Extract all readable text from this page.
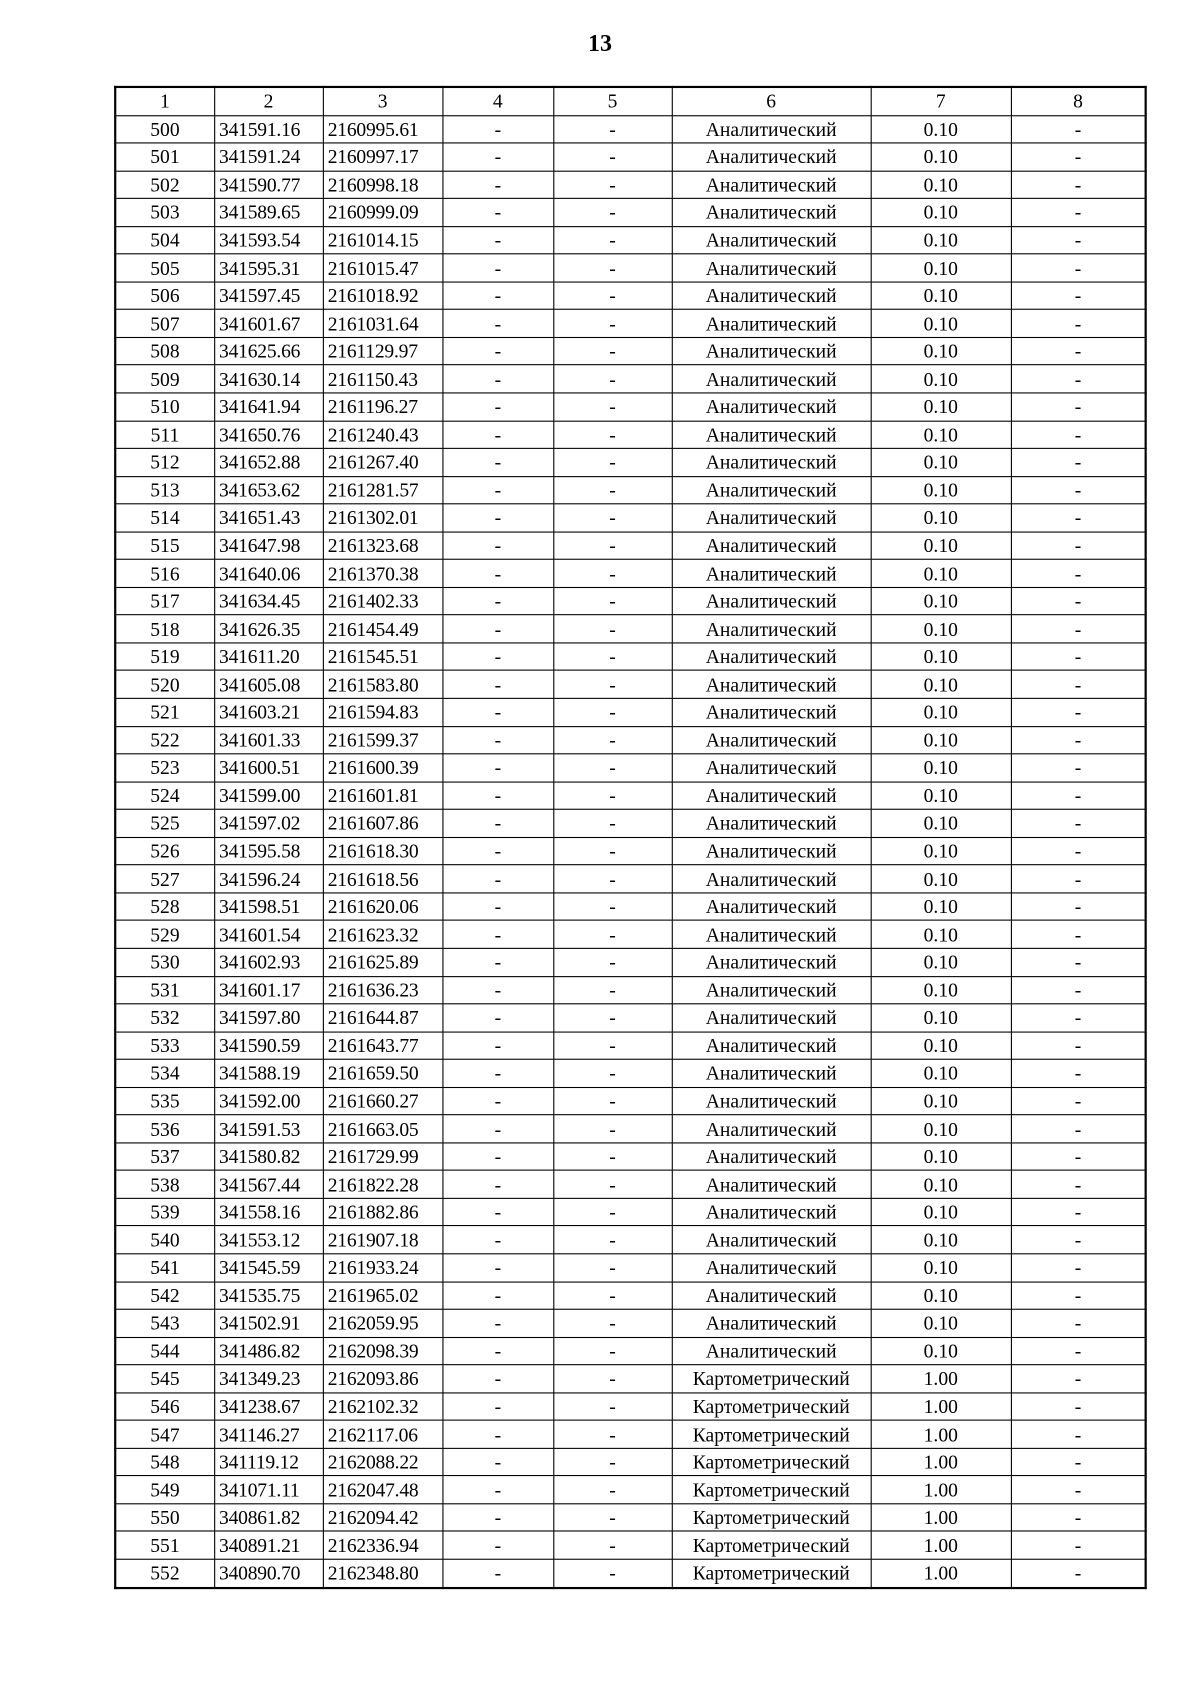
13
1	2	3	4	5	6	7	8
500	341591.16	2160995.61	-	-	Аналитический	0.10	-
501	341591.24	2160997.17	-	-	Аналитический	0.10	-
502	341590.77	2160998.18	-	-	Аналитический	0.10	-
503	341589.65	2160999.09	-	-	Аналитический	0.10	-
504	341593.54	2161014.15	-	-	Аналитический	0.10	-
505	341595.31	2161015.47	-	-	Аналитический	0.10	-
506	341597.45	2161018.92	-	-	Аналитический	0.10	-
507	341601.67	2161031.64	-	-	Аналитический	0.10	-
508	341625.66	2161129.97	-	-	Аналитический	0.10	-
509	341630.14	2161150.43	-	-	Аналитический	0.10	-
510	341641.94	2161196.27	-	-	Аналитический	0.10	-
511	341650.76	2161240.43	-	-	Аналитический	0.10	-
512	341652.88	2161267.40	-	-	Аналитический	0.10	-
513	341653.62	2161281.57	-	-	Аналитический	0.10	-
514	341651.43	2161302.01	-	-	Аналитический	0.10	-
515	341647.98	2161323.68	-	-	Аналитический	0.10	-
516	341640.06	2161370.38	-	-	Аналитический	0.10	-
517	341634.45	2161402.33	-	-	Аналитический	0.10	-
518	341626.35	2161454.49	-	-	Аналитический	0.10	-
519	341611.20	2161545.51	-	-	Аналитический	0.10	-
520	341605.08	2161583.80	-	-	Аналитический	0.10	-
521	341603.21	2161594.83	-	-	Аналитический	0.10	-
522	341601.33	2161599.37	-	-	Аналитический	0.10	-
523	341600.51	2161600.39	-	-	Аналитический	0.10	-
524	341599.00	2161601.81	-	-	Аналитический	0.10	-
525	341597.02	2161607.86	-	-	Аналитический	0.10	-
526	341595.58	2161618.30	-	-	Аналитический	0.10	-
527	341596.24	2161618.56	-	-	Аналитический	0.10	-
528	341598.51	2161620.06	-	-	Аналитический	0.10	-
529	341601.54	2161623.32	-	-	Аналитический	0.10	-
530	341602.93	2161625.89	-	-	Аналитический	0.10	-
531	341601.17	2161636.23	-	-	Аналитический	0.10	-
532	341597.80	2161644.87	-	-	Аналитический	0.10	-
533	341590.59	2161643.77	-	-	Аналитический	0.10	-
534	341588.19	2161659.50	-	-	Аналитический	0.10	-
535	341592.00	2161660.27	-	-	Аналитический	0.10	-
536	341591.53	2161663.05	-	-	Аналитический	0.10	-
537	341580.82	2161729.99	-	-	Аналитический	0.10	-
538	341567.44	2161822.28	-	-	Аналитический	0.10	-
539	341558.16	2161882.86	-	-	Аналитический	0.10	-
540	341553.12	2161907.18	-	-	Аналитический	0.10	-
541	341545.59	2161933.24	-	-	Аналитический	0.10	-
542	341535.75	2161965.02	-	-	Аналитический	0.10	-
543	341502.91	2162059.95	-	-	Аналитический	0.10	-
544	341486.82	2162098.39	-	-	Аналитический	0.10	-
545	341349.23	2162093.86	-	-	Картометрический	1.00	-
546	341238.67	2162102.32	-	-	Картометрический	1.00	-
547	341146.27	2162117.06	-	-	Картометрический	1.00	-
548	341119.12	2162088.22	-	-	Картометрический	1.00	-
549	341071.11	2162047.48	-	-	Картометрический	1.00	-
550	340861.82	2162094.42	-	-	Картометрический	1.00	-
551	340891.21	2162336.94	-	-	Картометрический	1.00	-
552	340890.70	2162348.80	-	-	Картометрический	1.00	-
